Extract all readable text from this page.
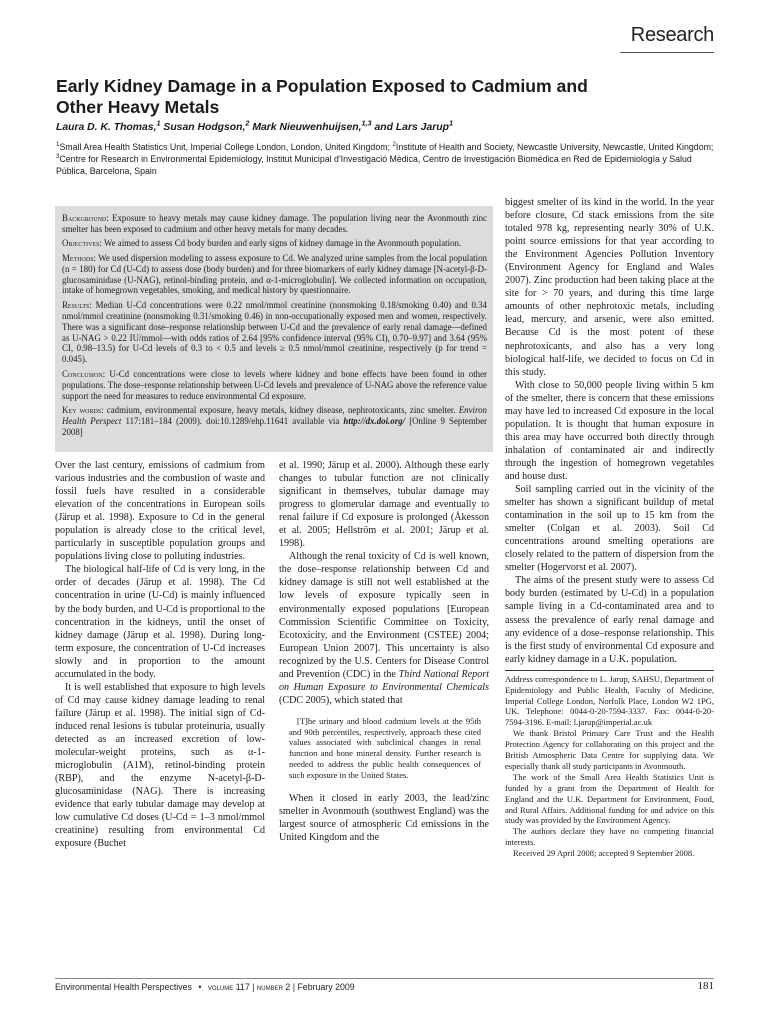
Research
Early Kidney Damage in a Population Exposed to Cadmium and
Other Heavy Metals
Laura D. K. Thomas,$^1$ Susan Hodgson,$^2$ Mark Nieuwenhuijsen,$^{1,3}$ and Lars Jarup$^1$
$^1$Small Area Health Statistics Unit, Imperial College London, London, United Kingdom; $^2$Institute of Health and Society, Newcastle University, Newcastle, United Kingdom; $^3$Centre for Research in Environmental Epidemiology, Institut Municipal d'Investigació Mèdica, Centro de Investigación Biomédica en Red de Epidemiología y Salud Pública, Barcelona, Spain

Background: Exposure to heavy metals may cause kidney damage. The population living near the Avonmouth zinc smelter has been exposed to cadmium and other heavy metals for many decades.

Objectives: We aimed to assess Cd body burden and early signs of kidney damage in the Avonmouth population.

Methods: We used dispersion modeling to assess exposure to Cd. We analyzed urine samples from the local population (n = 180) for Cd (U-Cd) to assess dose (body burden) and for three biomarkers of early kidney damage [N-acetyl-β-D-glucosaminidase (U-NAG), retinol-binding protein, and α-1-microglobulin]. We collected information on occupation, intake of homegrown vegetables, smoking, and medical history by questionnaire.

Results: Median U-Cd concentrations were 0.22 nmol/mmol creatinine (nonsmoking 0.18/smoking 0.40) and 0.34 nmol/mmol creatinine (nonsmoking 0.31/smoking 0.46) in non-occupationally exposed men and women, respectively. There was a significant dose–response relationship between U-Cd and the prevalence of early renal damage—defined as U-NAG > 0.22 IU/mmol—with odds ratios of 2.64 [95% confidence interval (95% CI), 0.70–9.97] and 3.64 (95% CI, 0.98–13.5) for U-Cd levels of 0.3 to < 0.5 and levels ≥ 0.5 nmol/mmol creatinine, respectively (p for trend = 0.045).

Conclusion: U-Cd concentrations were close to levels where kidney and bone effects have been found in other populations. The dose–response relationship between U-Cd levels and prevalence of U-NAG above the reference value support the need for measures to reduce environmental Cd exposure.

Key words: cadmium, environmental exposure, heavy metals, kidney disease, nephrotoxicants, zinc smelter. Environ Health Perspect 117:181–184 (2009). doi:10.1289/ehp.11641 available via http://dx.doi.org/ [Online 9 September 2008]

Over the last century, emissions of cadmium from various industries and the combustion of waste and fossil fuels have resulted in a considerable elevation of the concentrations in European soils (Järup et al. 1998). Exposure to Cd in the general population is already close to the critical level, particularly in susceptible population groups and populations living close to polluting industries.

The biological half-life of Cd is very long, in the order of decades (Järup et al. 1998). The Cd concentration in urine (U-Cd) is mainly influenced by the body burden, and U-Cd is proportional to the concentration in the kidneys, until the onset of kidney damage (Järup et al. 1998). During long-term exposure, the concentration of U-Cd increases slowly and in proportion to the amount accumulated in the body.

It is well established that exposure to high levels of Cd may cause kidney damage leading to renal failure (Järup et al. 1998). The initial sign of Cd-induced renal lesions is tubular proteinuria, usually detected as an increased excretion of low-molecular-weight proteins, such as α-1-microglobulin (A1M), retinol-binding protein (RBP), and the enzyme N-acetyl-β-D-glucosaminidase (NAG). There is increasing evidence that early tubular damage may develop at low cumulative Cd doses (U-Cd = 1–3 nmol/mmol creatinine) resulting from environmental Cd exposure (Buchet

et al. 1990; Järup et al. 2000). Although these early changes to tubular function are not clinically significant in themselves, tubular damage may progress to glomerular damage and eventually to renal failure if Cd exposure is prolonged (Åkesson et al. 2005; Hellström et al. 2001; Järup et al. 1998).

Although the renal toxicity of Cd is well known, the dose–response relationship between Cd and kidney damage is still not well established at the low levels of exposure typically seen in environmentally exposed populations [European Commission Scientific Committee on Toxicity, Ecotoxicity, and the Environment (CSTEE) 2004; European Union 2007]. This uncertainty is also recognized by the U.S. Centers for Disease Control and Prevention (CDC) in the Third National Report on Human Exposure to Environmental Chemicals (CDC 2005), which stated that

[T]he urinary and blood cadmium levels at the 95th and 90th percentiles, respectively, approach these cited values associated with subclinical changes in renal function and bone mineral density. Further research is needed to address the public health consequences of such exposure in the United States.

When it closed in early 2003, the lead/zinc smelter in Avonmouth (southwest England) was the largest source of atmospheric Cd emissions in the United Kingdom and the

biggest smelter of its kind in the world. In the year before closure, Cd stack emissions from the site totaled 978 kg, representing nearly 30% of U.K. point source emissions for that year according to the Environment Agencies Pollution Inventory (Environment Agency for England and Wales 2007). Zinc production had been taking place at the site for > 70 years, and during this time large amounts of other nephrotoxic metals, including lead, mercury, and arsenic, were also emitted. Because Cd is the most potent of these nephrotoxicants, and also has a very long biological half-life, we decided to focus on Cd in this study.

With close to 50,000 people living within 5 km of the smelter, there is concern that these emissions may have led to increased Cd exposure in the local population. It is thought that human exposure in this area may have occurred both directly through inhalation of contaminated air and indirectly through the ingestion of homegrown vegetables and house dust.

Soil sampling carried out in the vicinity of the smelter has shown a significant buildup of metal contamination in the soil up to 15 km from the smelter (Colgan et al. 2003). Soil Cd concentrations around smelting operations are closely related to the pattern of dispersion from the smelter (Hogervorst et al. 2007).

The aims of the present study were to assess Cd body burden (estimated by U-Cd) in a population sample living in a Cd-contaminated area and to assess the prevalence of early renal damage and any evidence of a dose–response relationship. This is the first study of environmental Cd exposure and early kidney damage in a U.K. population.

Address correspondence to L. Jarup, SAHSU, Department of Epidemiology and Public Health, Faculty of Medicine, Imperial College London, Norfolk Place, London W2 1PG, UK. Telephone: 0044-0-20-7594-3337. Fax: 0044-0-20-7594-3196. E-mail: l.jarup@imperial.ac.uk

We thank Bristol Primary Care Trust and the Health Protection Agency for collaborating on this project and the British Atmospheric Data Centre for supplying data. We especially thank all study participants in Avonmouth.

The work of the Small Area Health Statistics Unit is funded by a grant from the Department of Health for England and the U.K. Department for Environment, Food, and Rural Affairs. Additional funding for and advice on this study was provided by the Environment Agency.

The authors declare they have no competing financial interests.

Received 29 April 2008; accepted 9 September 2008.

Environmental Health Perspectives • volume 117 | number 2 | February 2009	181
